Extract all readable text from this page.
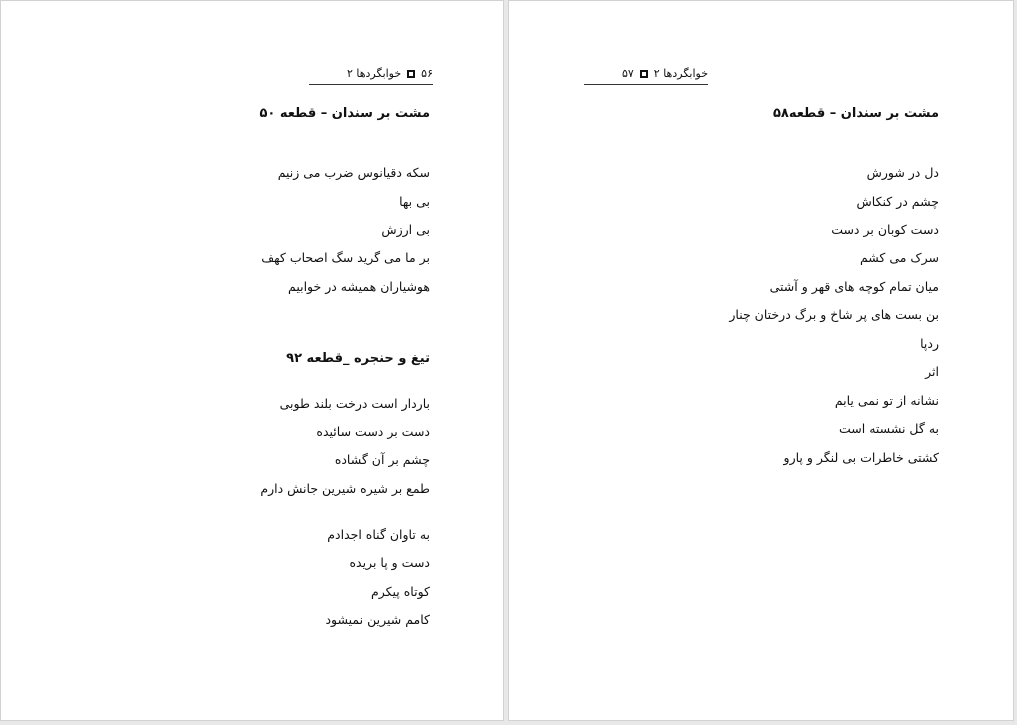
۵۶
خوابگردها ۲
مشت بر سندان – قطعه ۵۰
سکه دقیانوس ضرب می زنیم
بی بها
بی ارزش
بر ما می گرید سگ اصحاب کهف
هوشیاران همیشه در خوابیم
تیغ و حنجره _قطعه ۹۲
باردار است درخت بلند طوبی
دست بر دست سائیده
چشم بر آن گشاده
طمع بر شیره شیرین جانش دارم
به تاوان گناه اجدادم
دست و پا بریده
کوتاه پیکرم
کامم شیرین نمیشود
خوابگردها ۲
۵۷
مشت بر سندان – قطعه۵۸
دل در شورش
چشم در کنکاش
دست کوبان بر دست
سرک می کشم
میان تمام کوچه های قهر و آشتی
بن بست های پر شاخ و برگ درختان چنار
ردپا
اثر
نشانه از تو نمی یابم
به گل نشسته است
کشتی خاطرات بی لنگر و پارو
